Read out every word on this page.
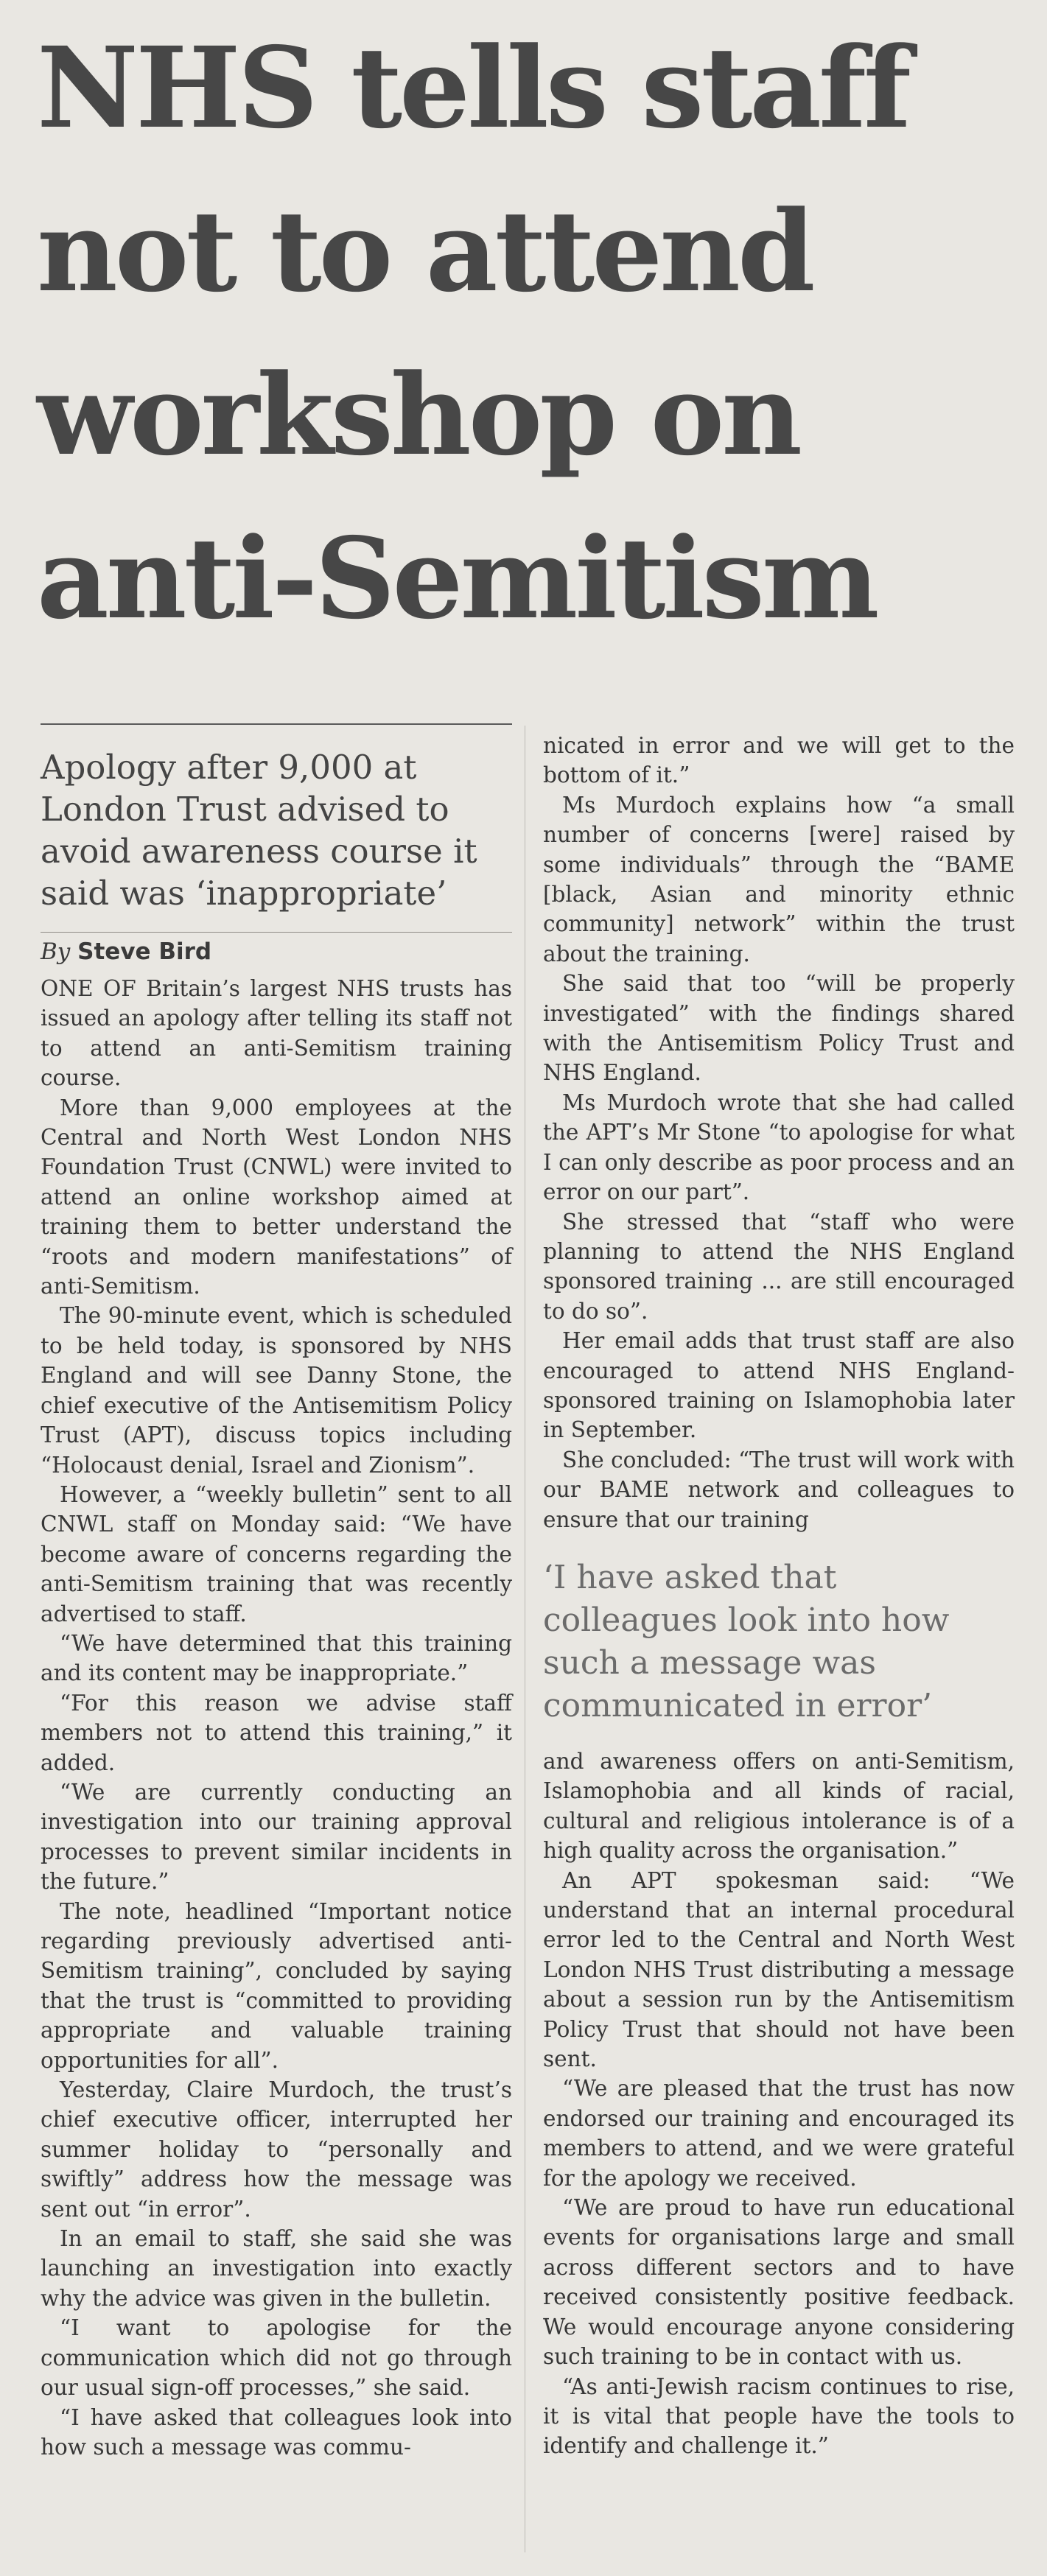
NHS tells staff
not to attend
workshop on
anti-Semitism

Apology after 9,000 at London Trust advised to avoid awareness course it said was ‘inappropriate’

By Steve Bird

ONE OF Britain’s largest NHS trusts has issued an apology after telling its staff not to attend an anti-Semitism training course.

More than 9,000 employees at the Central and North West London NHS Foundation Trust (CNWL) were invited to attend an online workshop aimed at training them to better understand the “roots and modern manifestations” of anti-Semitism.

The 90-minute event, which is scheduled to be held today, is sponsored by NHS England and will see Danny Stone, the chief executive of the Antisemitism Policy Trust (APT), discuss topics including “Holocaust denial, Israel and Zionism”.

However, a “weekly bulletin” sent to all CNWL staff on Monday said: “We have become aware of concerns regarding the anti-Semitism training that was recently advertised to staff.

“We have determined that this training and its content may be inappropriate.”

“For this reason we advise staff members not to attend this training,” it added.

“We are currently conducting an investigation into our training approval processes to prevent similar incidents in the future.”

The note, headlined “Important notice regarding previously advertised anti-Semitism training”, concluded by saying that the trust is “committed to providing appropriate and valuable training opportunities for all”.

Yesterday, Claire Murdoch, the trust’s chief executive officer, interrupted her summer holiday to “personally and swiftly” address how the message was sent out “in error”.

In an email to staff, she said she was launching an investigation into exactly why the advice was given in the bulletin.

“I want to apologise for the communication which did not go through our usual sign-off processes,” she said.

“I have asked that colleagues look into how such a message was commu-

nicated in error and we will get to the bottom of it.”

Ms Murdoch explains how “a small number of concerns [were] raised by some individuals” through the “BAME [black, Asian and minority ethnic community] network” within the trust about the training.

She said that too “will be properly investigated” with the findings shared with the Antisemitism Policy Trust and NHS England.

Ms Murdoch wrote that she had called the APT’s Mr Stone “to apologise for what I can only describe as poor process and an error on our part”.

She stressed that “staff who were planning to attend the NHS England sponsored training ... are still encouraged to do so”.

Her email adds that trust staff are also encouraged to attend NHS England-sponsored training on Islamophobia later in September.

She concluded: “The trust will work with our BAME network and colleagues to ensure that our training

‘I have asked that colleagues look into how such a message was communicated in error’

and awareness offers on anti-Semitism, Islamophobia and all kinds of racial, cultural and religious intolerance is of a high quality across the organisation.”

An APT spokesman said: “We understand that an internal procedural error led to the Central and North West London NHS Trust distributing a message about a session run by the Antisemitism Policy Trust that should not have been sent.

“We are pleased that the trust has now endorsed our training and encouraged its members to attend, and we were grateful for the apology we received.

“We are proud to have run educational events for organisations large and small across different sectors and to have received consistently positive feedback. We would encourage anyone considering such training to be in contact with us.

“As anti-Jewish racism continues to rise, it is vital that people have the tools to identify and challenge it.”
